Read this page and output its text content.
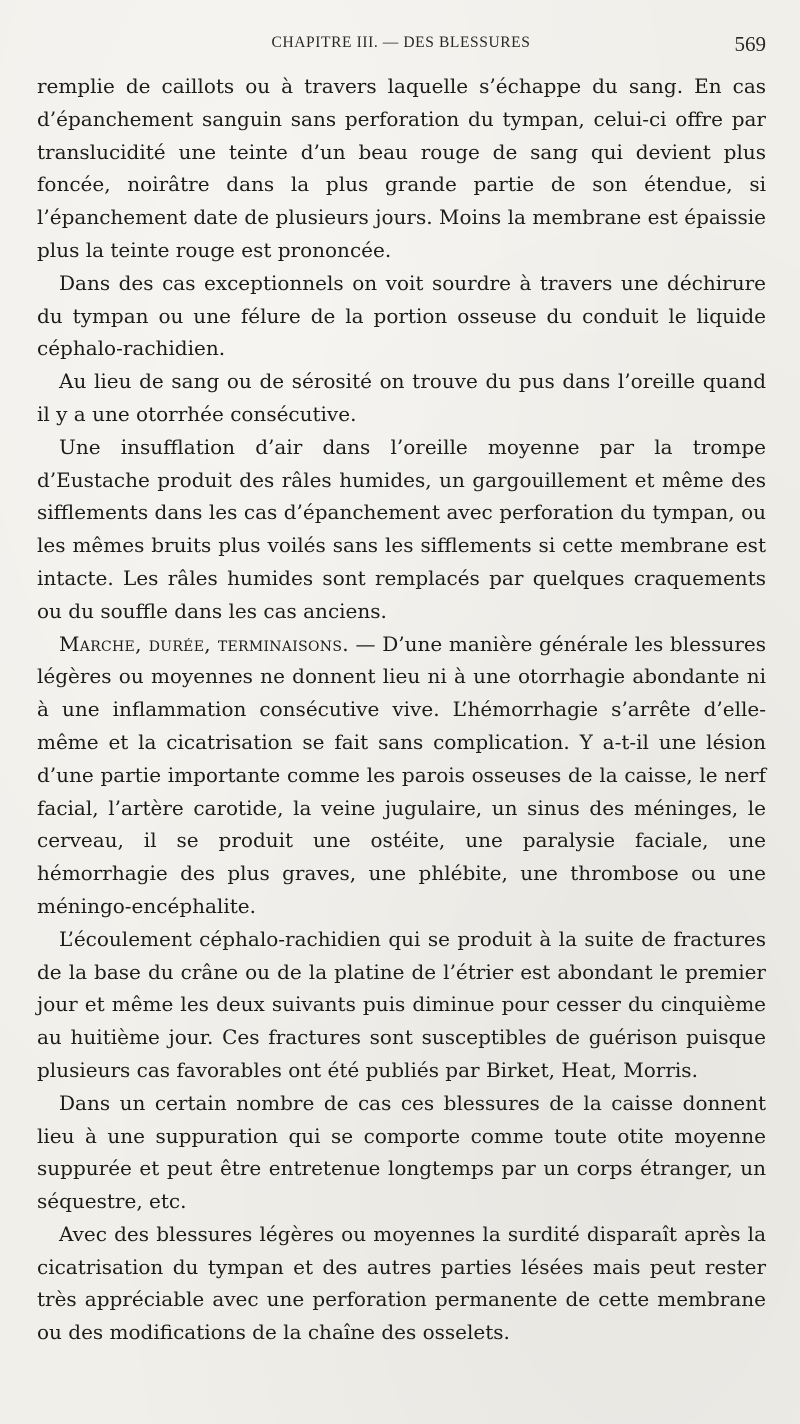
CHAPITRE III. — DES BLESSURES	569

remplie de caillots ou à travers laquelle s’échappe du sang. En cas d’épanchement sanguin sans perforation du tympan, celui-ci offre par translucidité une teinte d’un beau rouge de sang qui devient plus foncée, noirâtre dans la plus grande partie de son étendue, si l’épanchement date de plusieurs jours. Moins la membrane est épaissie plus la teinte rouge est prononcée.

Dans des cas exceptionnels on voit sourdre à travers une déchirure du tympan ou une félure de la portion osseuse du conduit le liquide céphalo-rachidien.

Au lieu de sang ou de sérosité on trouve du pus dans l’oreille quand il y a une otorrhée consécutive.

Une insufflation d’air dans l’oreille moyenne par la trompe d’Eustache produit des râles humides, un gargouillement et même des sifflements dans les cas d’épanchement avec perforation du tympan, ou les mêmes bruits plus voilés sans les sifflements si cette membrane est intacte. Les râles humides sont remplacés par quelques craquements ou du souffle dans les cas anciens.

Marche, durée, terminaisons. — D’une manière générale les blessures légères ou moyennes ne donnent lieu ni à une otorrhagie abondante ni à une inflammation consécutive vive. L’hémorrhagie s’arrête d’elle-même et la cicatrisation se fait sans complication. Y a-t-il une lésion d’une partie importante comme les parois osseuses de la caisse, le nerf facial, l’artère carotide, la veine jugulaire, un sinus des méninges, le cerveau, il se produit une ostéite, une paralysie faciale, une hémorrhagie des plus graves, une phlébite, une thrombose ou une méningo-encéphalite.

L’écoulement céphalo-rachidien qui se produit à la suite de fractures de la base du crâne ou de la platine de l’étrier est abondant le premier jour et même les deux suivants puis diminue pour cesser du cinquième au huitième jour. Ces fractures sont susceptibles de guérison puisque plusieurs cas favorables ont été publiés par Birket, Heat, Morris.

Dans un certain nombre de cas ces blessures de la caisse donnent lieu à une suppuration qui se comporte comme toute otite moyenne suppurée et peut être entretenue longtemps par un corps étranger, un séquestre, etc.

Avec des blessures légères ou moyennes la surdité disparaît après la cicatrisation du tympan et des autres parties lésées mais peut rester très appréciable avec une perforation permanente de cette membrane ou des modifications de la chaîne des osselets.
